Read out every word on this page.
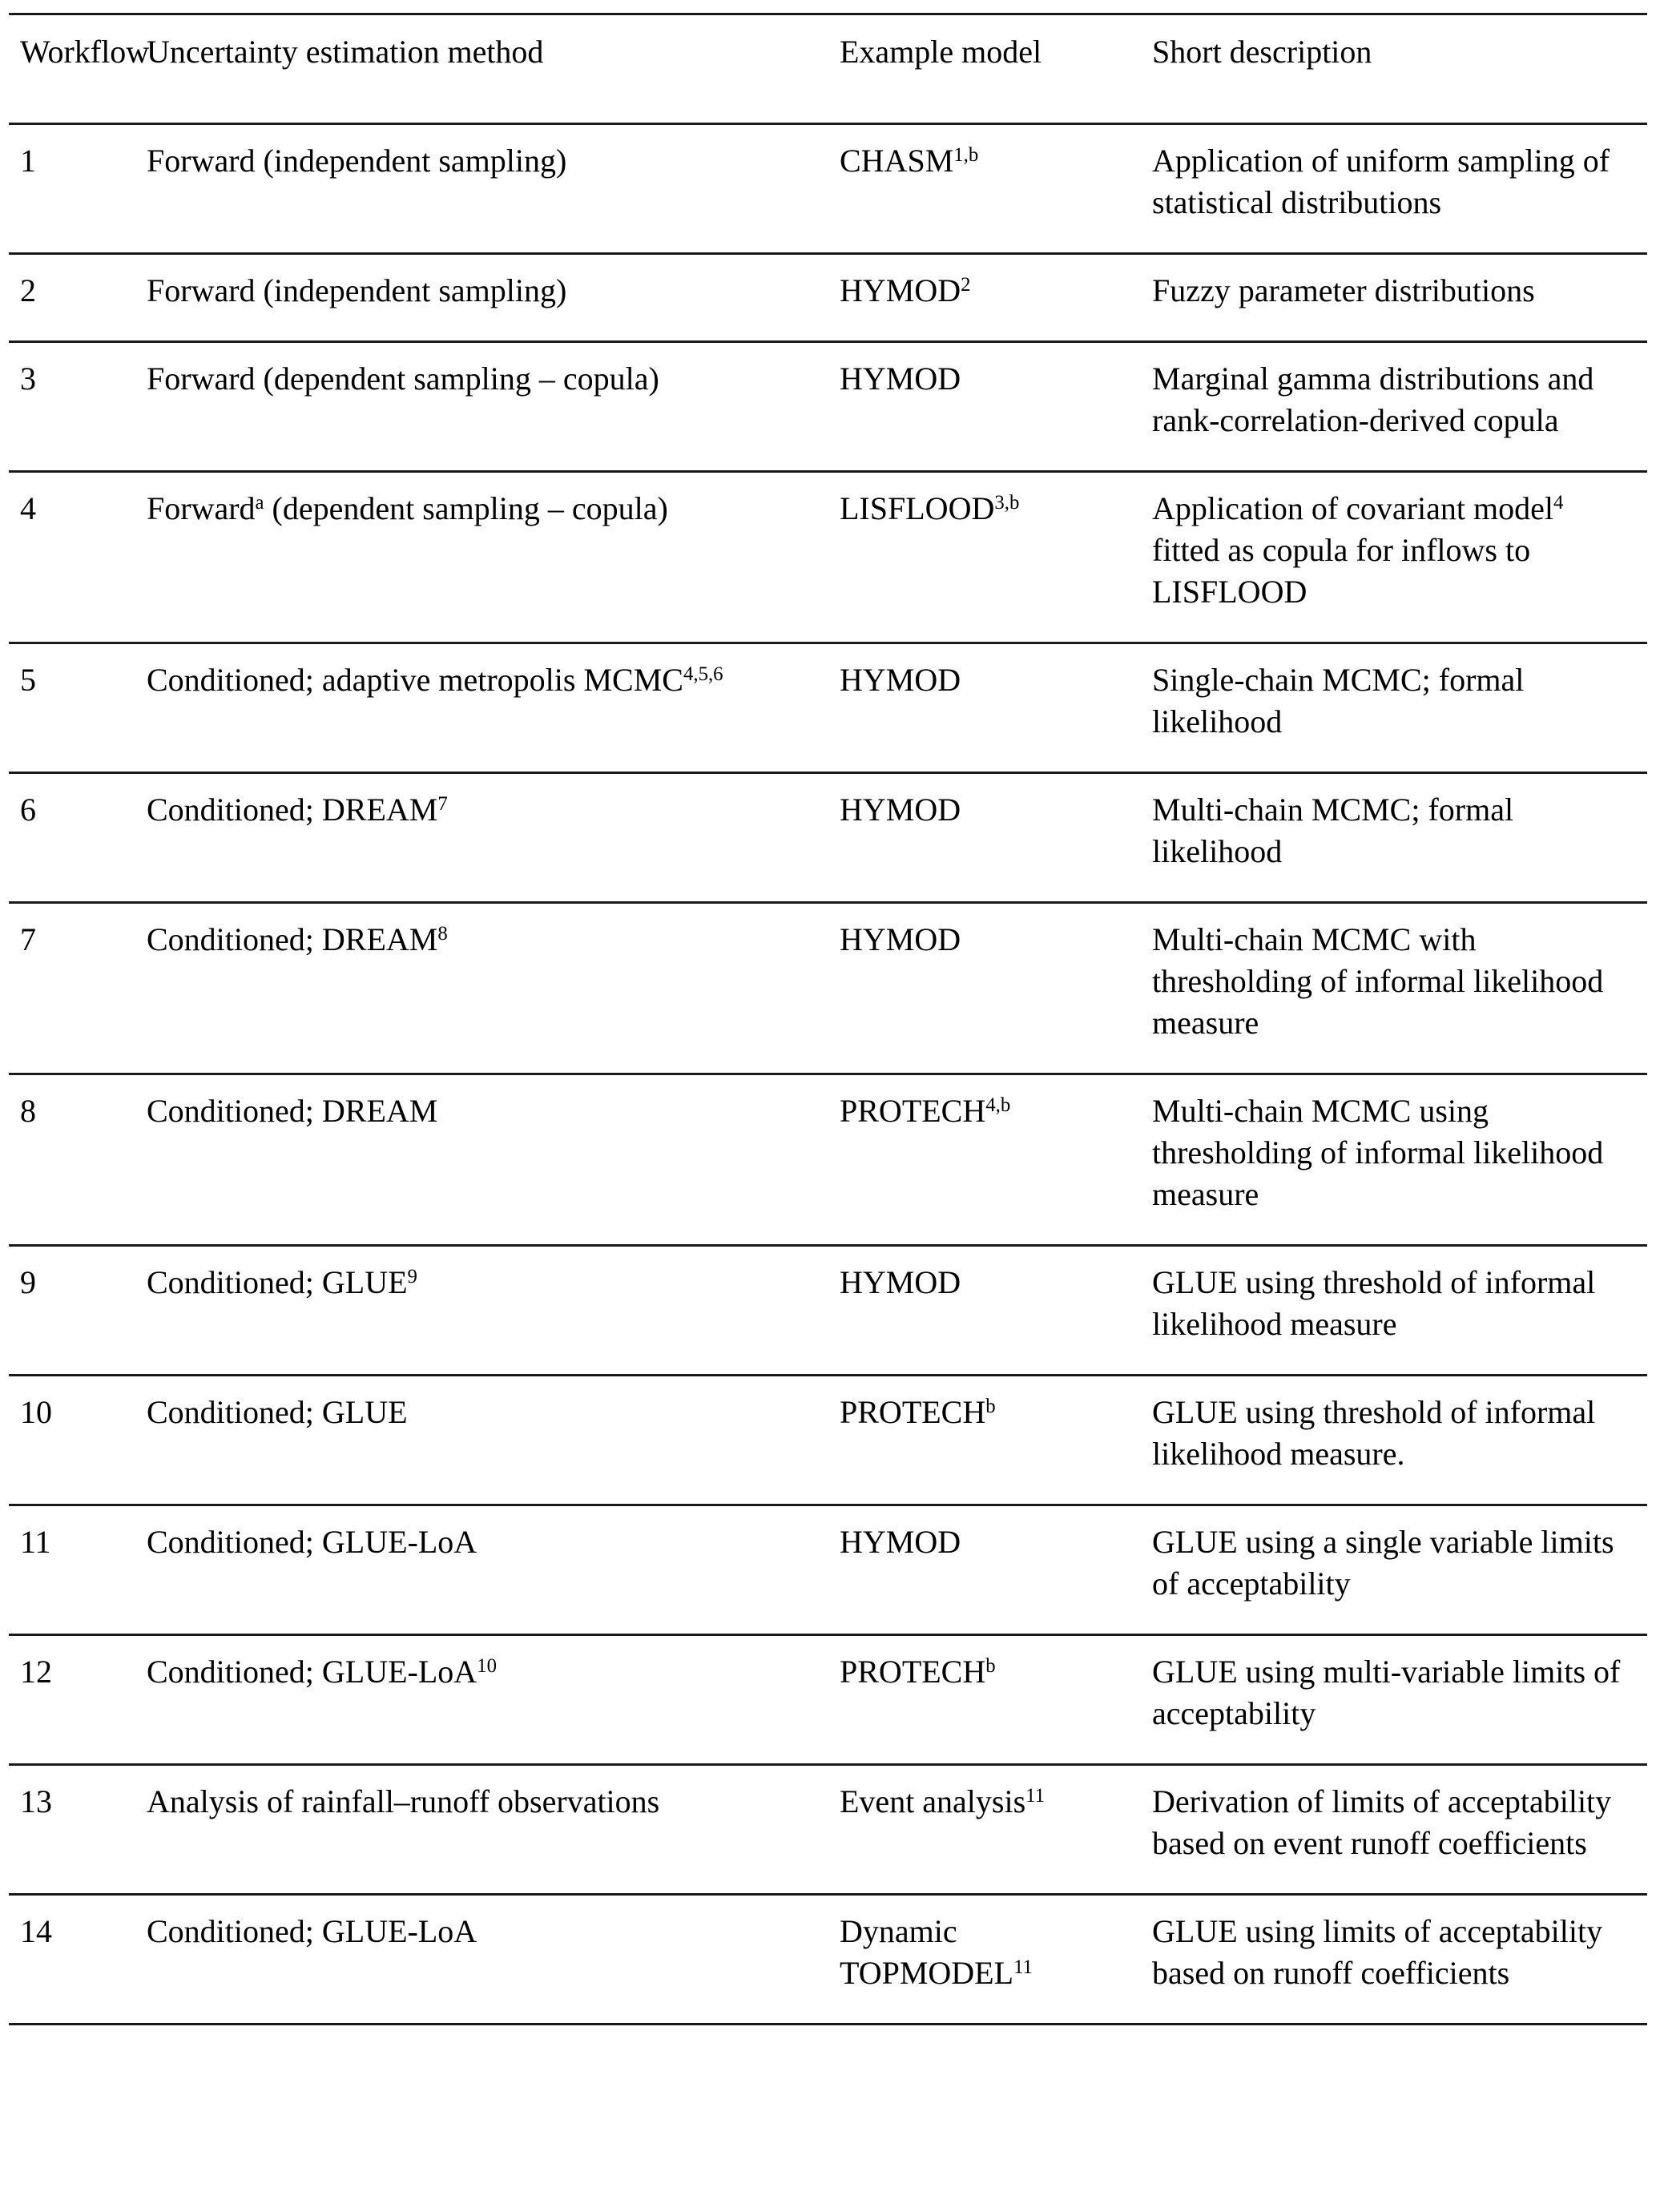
Workflow	Uncertainty estimation method	Example model	Short description
1	Forward (independent sampling)	CHASM$^{1,b}$	Application of uniform sampling of statistical distributions
2	Forward (independent sampling)	HYMOD$^2$	Fuzzy parameter distributions
3	Forward (dependent sampling – copula)	HYMOD	Marginal gamma distributions and rank-correlation-derived copula
4	Forward$^a$ (dependent sampling – copula)	LISFLOOD$^{3,b}$	Application of covariant model$^4$ fitted as copula for inflows to LISFLOOD
5	Conditioned; adaptive metropolis MCMC$^{4,5,6}$	HYMOD	Single-chain MCMC; formal likelihood
6	Conditioned; DREAM$^7$	HYMOD	Multi-chain MCMC; formal likelihood
7	Conditioned; DREAM$^8$	HYMOD	Multi-chain MCMC with thresholding of informal likelihood measure
8	Conditioned; DREAM	PROTECH$^{4,b}$	Multi-chain MCMC using thresholding of informal likelihood measure
9	Conditioned; GLUE$^9$	HYMOD	GLUE using threshold of informal likelihood measure
10	Conditioned; GLUE	PROTECH$^b$	GLUE using threshold of informal likelihood measure.
11	Conditioned; GLUE-LoA	HYMOD	GLUE using a single variable limits of acceptability
12	Conditioned; GLUE-LoA$^{10}$	PROTECH$^b$	GLUE using multi-variable limits of acceptability
13	Analysis of rainfall–runoff observations	Event analysis$^{11}$	Derivation of limits of acceptability based on event runoff coefficients
14	Conditioned; GLUE-LoA	Dynamic TOPMODEL$^{11}$	GLUE using limits of acceptability based on runoff coefficients
